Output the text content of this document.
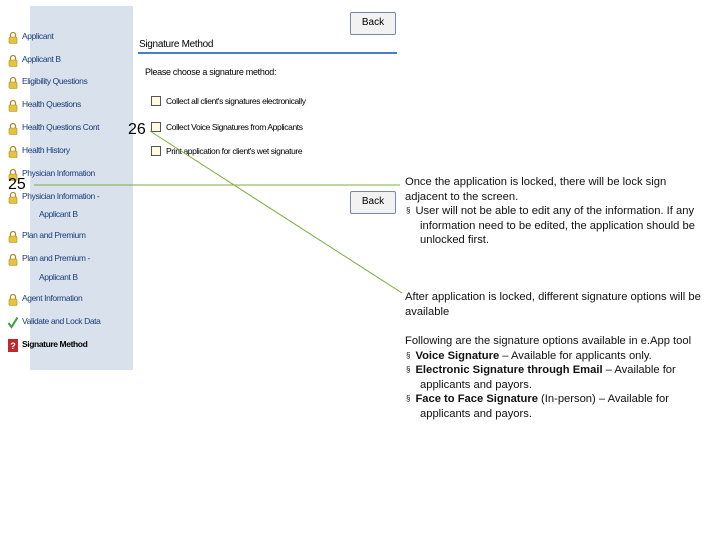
Applicant
Applicant B
Eligibility Questions
Health Questions
Health Questions Cont
Health History
Physician Information
Physician Information -
Applicant B
Plan and Premium
Plan and Premium -
Applicant B
Agent Information
Validate and Lock Data
? Signature Method
Back
Signature Method
Please choose a signature method:
Collect all client's signatures electronically
Collect Voice Signatures from Applicants
Print application for client's wet signature
Back
25
26

Once the application is locked, there will be lock sign adjacent to the screen.

§ User will not be able to edit any of the information. If any information need to be edited, the application should be unlocked first.

After application is locked, different signature options will be available

Following are the signature options available in e.App tool

§ Voice Signature – Available for applicants only.

§ Electronic Signature through Email – Available for applicants and payors.

§ Face to Face Signature (In-person) – Available for applicants and payors.
